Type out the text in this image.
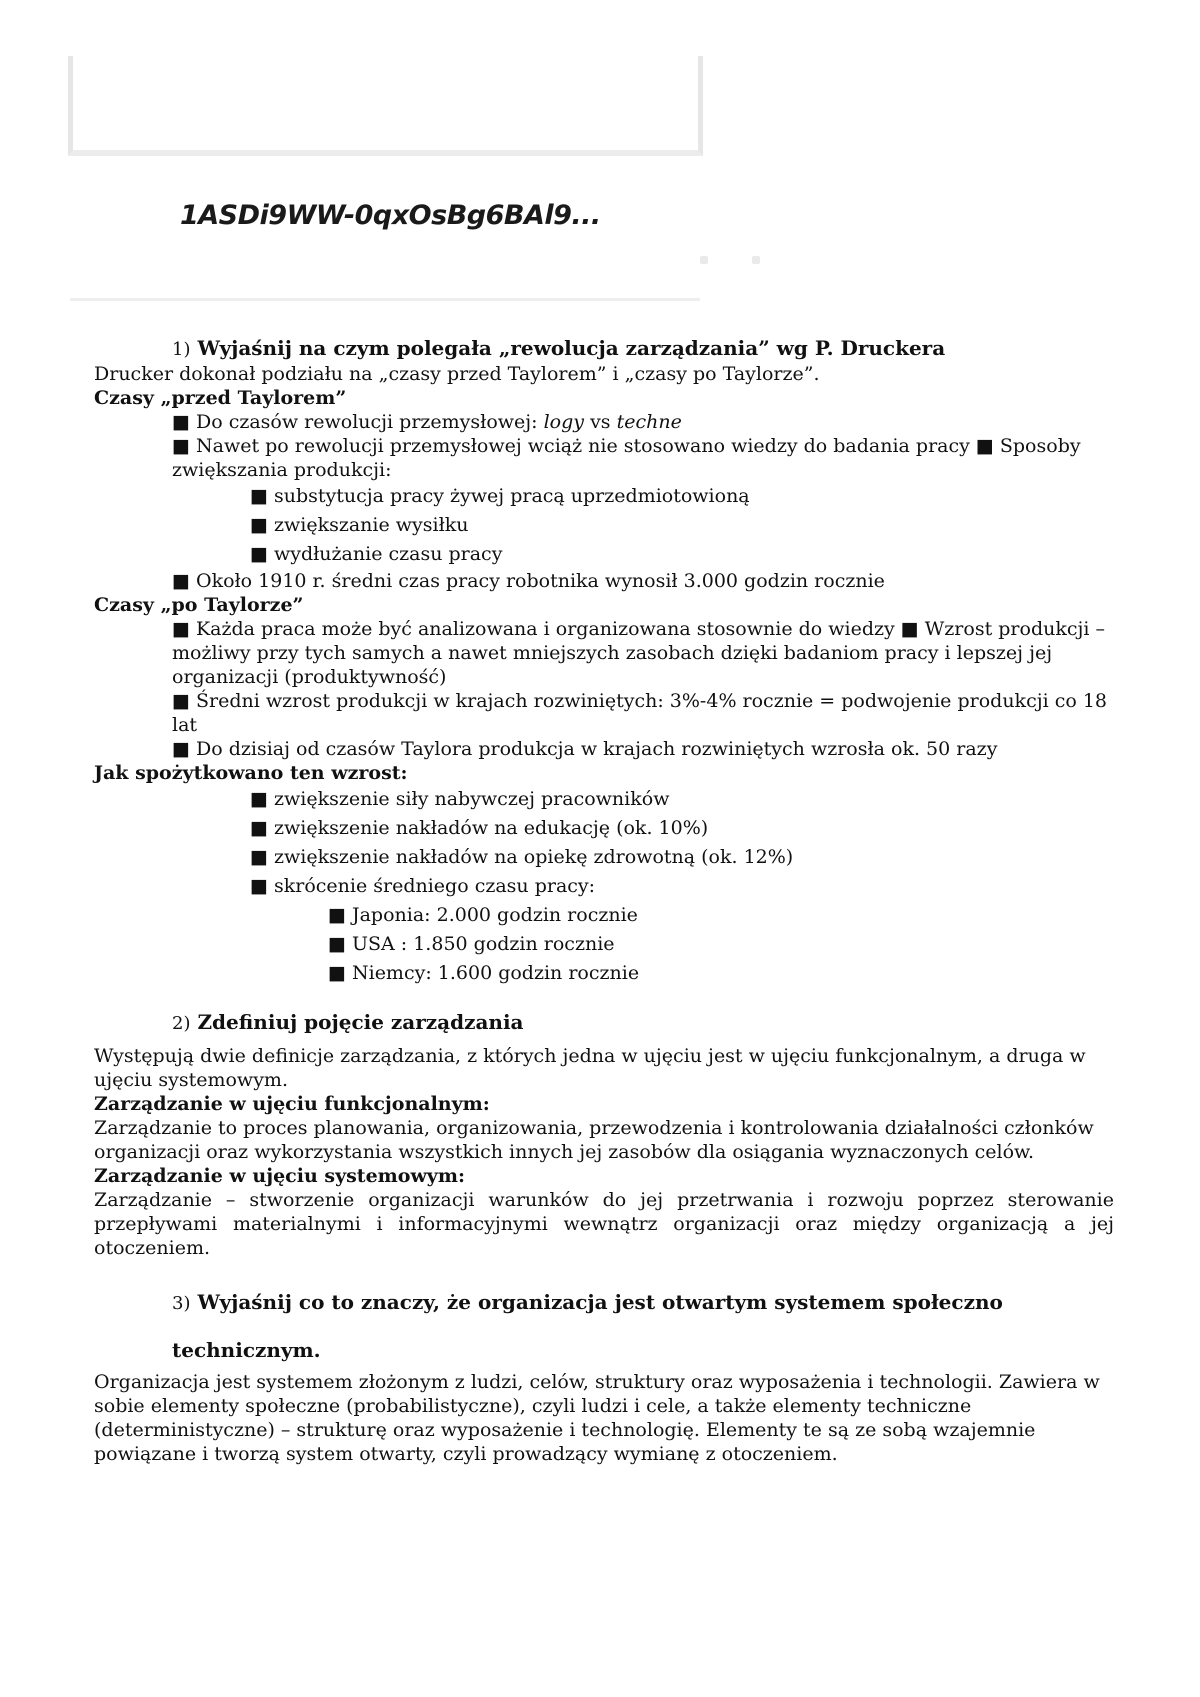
1ASDi9WW-0qxOsBg6BAl9...

1) Wyjaśnij na czym polegała „rewolucja zarządzania” wg P. Druckera

Drucker dokonał podziału na „czasy przed Taylorem” i „czasy po Taylorze”.

Czasy „przed Taylorem”

■ Do czasów rewolucji przemysłowej: logy vs techne

■ Nawet po rewolucji przemysłowej wciąż nie stosowano wiedzy do badania pracy ■ Sposoby zwiększania produkcji:

■ substytucja pracy żywej pracą uprzedmiotowioną

■ zwiększanie wysiłku

■ wydłużanie czasu pracy

■ Około 1910 r. średni czas pracy robotnika wynosił 3.000 godzin rocznie

Czasy „po Taylorze”

■ Każda praca może być analizowana i organizowana stosownie do wiedzy ■ Wzrost produkcji – możliwy przy tych samych a nawet mniejszych zasobach dzięki badaniom pracy i lepszej jej organizacji (produktywność)

■ Średni wzrost produkcji w krajach rozwiniętych: 3%-4% rocznie = podwojenie produkcji co 18 lat

■ Do dzisiaj od czasów Taylora produkcja w krajach rozwiniętych wzrosła ok. 50 razy

Jak spożytkowano ten wzrost:

■ zwiększenie siły nabywczej pracowników

■ zwiększenie nakładów na edukację (ok. 10%)

■ zwiększenie nakładów na opiekę zdrowotną (ok. 12%)

■ skrócenie średniego czasu pracy:

■ Japonia: 2.000 godzin rocznie

■ USA : 1.850 godzin rocznie

■ Niemcy: 1.600 godzin rocznie

2) Zdefiniuj pojęcie zarządzania

Występują dwie definicje zarządzania, z których jedna w ujęciu jest w ujęciu funkcjonalnym, a druga w ujęciu systemowym.

Zarządzanie w ujęciu funkcjonalnym:

Zarządzanie to proces planowania, organizowania, przewodzenia i kontrolowania działalności członków organizacji oraz wykorzystania wszystkich innych jej zasobów dla osiągania wyznaczonych celów.

Zarządzanie w ujęciu systemowym:

Zarządzanie – stworzenie organizacji warunków do jej przetrwania i rozwoju poprzez sterowanie przepływami materialnymi i informacyjnymi wewnątrz organizacji oraz między organizacją a jej otoczeniem.

3) Wyjaśnij co to znaczy, że organizacja jest otwartym systemem społeczno

technicznym.

Organizacja jest systemem złożonym z ludzi, celów, struktury oraz wyposażenia i technologii. Zawiera w sobie elementy społeczne (probabilistyczne), czyli ludzi i cele, a także elementy techniczne (deterministyczne) – strukturę oraz wyposażenie i technologię. Elementy te są ze sobą wzajemnie powiązane i tworzą system otwarty, czyli prowadzący wymianę z otoczeniem.
